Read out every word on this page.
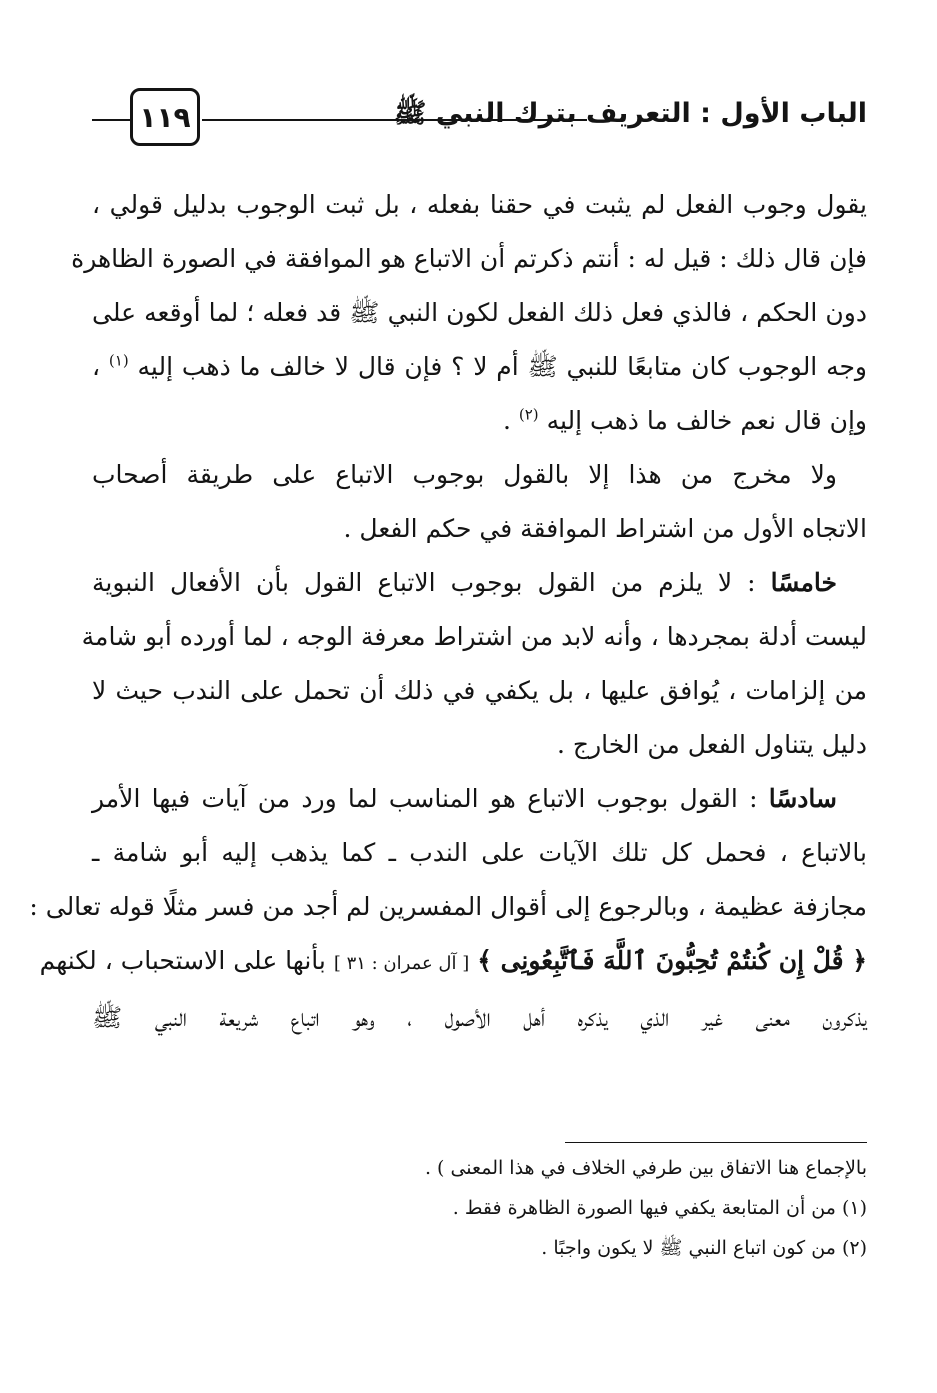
الباب الأول : التعريف بترك النبي ﷺ
١١٩
يقول وجوب الفعل لم يثبت في حقنا بفعله ، بل ثبت الوجوب بدليل قولي ،
فإن قال ذلك : قيل له : أنتم ذكرتم أن الاتباع هو الموافقة في الصورة الظاهرة
دون الحكم ، فالذي فعل ذلك الفعل لكون النبي ﷺ قد فعله ؛ لما أوقعه على
وجه الوجوب كان متابعًا للنبي ﷺ أم لا ؟ فإن قال لا خالف ما ذهب إليه $^{(١)}$ ،
وإن قال نعم خالف ما ذهب إليه $^{(٢)}$ .
ولا مخرج من هذا إلا بالقول بوجوب الاتباع على طريقة أصحاب
الاتجاه الأول من اشتراط الموافقة في حكم الفعل .
خامسًا : لا يلزم من القول بوجوب الاتباع القول بأن الأفعال النبوية
ليست أدلة بمجردها ، وأنه لابد من اشتراط معرفة الوجه ، لما أورده أبو شامة
من إلزامات ، يُوافق عليها ، بل يكفي في ذلك أن تحمل على الندب حيث لا
دليل يتناول الفعل من الخارج .
سادسًا : القول بوجوب الاتباع هو المناسب لما ورد من آيات فيها الأمر
بالاتباع ، فحمل كل تلك الآيات على الندب ـ كما يذهب إليه أبو شامة ـ
مجازفة عظيمة ، وبالرجوع إلى أقوال المفسرين لم أجد من فسر مثلًا قوله تعالى :
﴿ قُلْ إِن كُنتُمْ تُحِبُّونَ ٱللَّهَ فَٱتَّبِعُونِى ﴾ [ آل عمران : ٣١ ] بأنها على الاستحباب ، لكنهم
يذكرون معنى غير الذي يذكره أهل الأصول ، وهو اتباع شريعة النبي ﷺ
بالإجماع هنا الاتفاق بين طرفي الخلاف في هذا المعنى ) .
(١) من أن المتابعة يكفي فيها الصورة الظاهرة فقط .
(٢) من كون اتباع النبي ﷺ لا يكون واجبًا .
